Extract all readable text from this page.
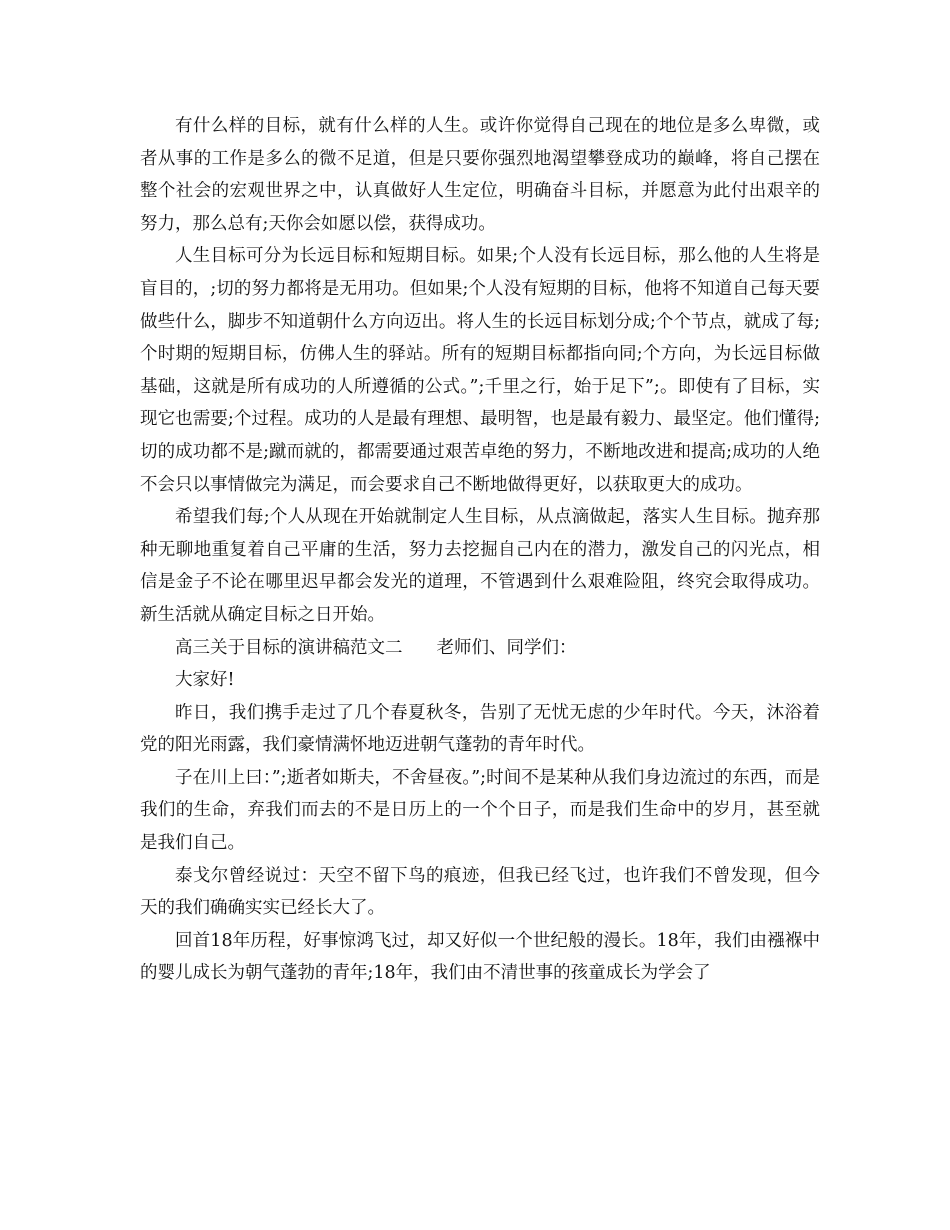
有什么样的目标，就有什么样的人生。或许你觉得自己现在的地位是多么卑微，或者从事的工作是多么的微不足道，但是只要你强烈地渴望攀登成功的巅峰，将自己摆在整个社会的宏观世界之中，认真做好人生定位，明确奋斗目标，并愿意为此付出艰辛的努力，那么总有;天你会如愿以偿，获得成功。

人生目标可分为长远目标和短期目标。如果;个人没有长远目标，那么他的人生将是盲目的，;切的努力都将是无用功。但如果;个人没有短期的目标，他将不知道自己每天要做些什么，脚步不知道朝什么方向迈出。将人生的长远目标划分成;个个节点，就成了每;个时期的短期目标，仿佛人生的驿站。所有的短期目标都指向同;个方向，为长远目标做基础，这就是所有成功的人所遵循的公式。”;千里之行，始于足下”;。即使有了目标，实现它也需要;个过程。成功的人是最有理想、最明智，也是最有毅力、最坚定。他们懂得;切的成功都不是;蹴而就的，都需要通过艰苦卓绝的努力，不断地改进和提高;成功的人绝不会只以事情做完为满足，而会要求自己不断地做得更好，以获取更大的成功。

希望我们每;个人从现在开始就制定人生目标，从点滴做起，落实人生目标。抛弃那种无聊地重复着自己平庸的生活，努力去挖掘自己内在的潜力，激发自己的闪光点，相信是金子不论在哪里迟早都会发光的道理，不管遇到什么艰难险阻，终究会取得成功。新生活就从确定目标之日开始。

高三关于目标的演讲稿范文二 老师们、同学们：

大家好!

昨日，我们携手走过了几个春夏秋冬，告别了无忧无虑的少年时代。今天，沐浴着党的阳光雨露，我们豪情满怀地迈进朝气蓬勃的青年时代。

子在川上曰：”;逝者如斯夫，不舍昼夜。”;时间不是某种从我们身边流过的东西，而是我们的生命，弃我们而去的不是日历上的一个个日子，而是我们生命中的岁月，甚至就是我们自己。

泰戈尔曾经说过：天空不留下鸟的痕迹，但我已经飞过，也许我们不曾发现，但今天的我们确确实实已经长大了。

回首18年历程，好事惊鸿飞过，却又好似一个世纪般的漫长。18年，我们由襁褓中的婴儿成长为朝气蓬勃的青年;18年，我们由不清世事的孩童成长为学会了
